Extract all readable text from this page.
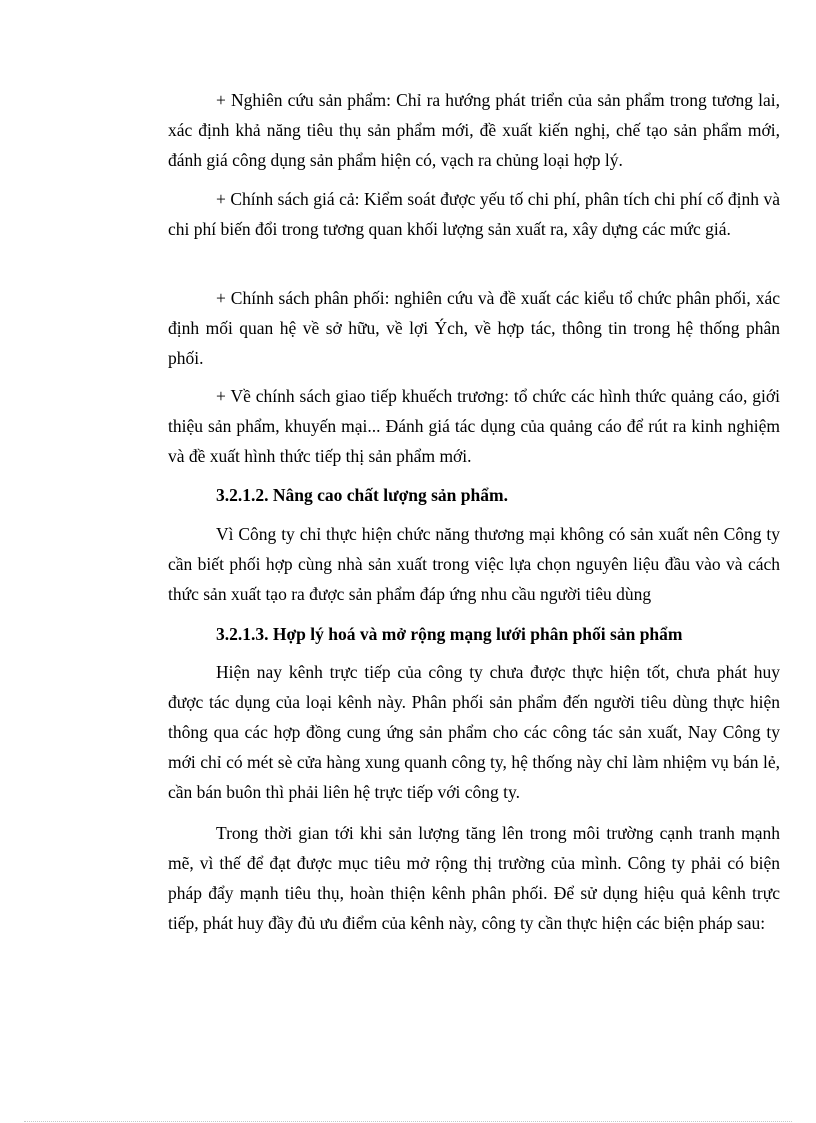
+ Nghiên cứu sản phẩm: Chỉ ra hướng phát triển của sản phẩm trong tương lai, xác định khả năng tiêu thụ sản phẩm mới, đề xuất kiến nghị, chế tạo sản phẩm mới, đánh giá công dụng sản phẩm hiện có, vạch ra chủng loại hợp lý.

+ Chính sách giá cả: Kiểm soát được yếu tố chi phí, phân tích chi phí cố định và chi phí biến đổi trong tương quan khối lượng sản xuất ra, xây dựng các mức giá.

+ Chính sách phân phối: nghiên cứu và đề xuất các kiểu tổ chức phân phối, xác định mối quan hệ về sở hữu, về lợi Ých, về hợp tác, thông tin trong hệ thống phân phối.

+ Về chính sách giao tiếp khuếch trương: tổ chức các hình thức quảng cáo, giới thiệu sản phẩm, khuyến mại... Đánh giá tác dụng của quảng cáo để rút ra kinh nghiệm và đề xuất hình thức tiếp thị sản phẩm mới.

3.2.1.2. Nâng cao chất lượng sản phẩm.

Vì Công ty chỉ thực hiện chức năng thương mại không có sản xuất nên Công ty cần biết phối hợp cùng nhà sản xuất trong việc lựa chọn nguyên liệu đầu vào và cách thức sản xuất tạo ra được sản phẩm đáp ứng nhu cầu người tiêu dùng

3.2.1.3. Hợp lý hoá và mở rộng mạng lưới phân phối sản phẩm

Hiện nay kênh trực tiếp của công ty chưa được thực hiện tốt, chưa phát huy được tác dụng của loại kênh này. Phân phối sản phẩm đến người tiêu dùng thực hiện thông qua các hợp đồng cung ứng sản phẩm cho các công tác sản xuất, Nay Công ty mới chỉ có mét sè cửa hàng xung quanh công ty, hệ thống này chỉ làm nhiệm vụ bán lẻ, cần bán buôn thì phải liên hệ trực tiếp với công ty.

Trong thời gian tới khi sản lượng tăng lên trong môi trường cạnh tranh mạnh mẽ, vì thế để đạt được mục tiêu mở rộng thị trường của mình. Công ty phải có biện pháp đẩy mạnh tiêu thụ, hoàn thiện kênh phân phối. Để sử dụng hiệu quả kênh trực tiếp, phát huy đầy đủ ưu điểm của kênh này, công ty cần thực hiện các biện pháp sau:
